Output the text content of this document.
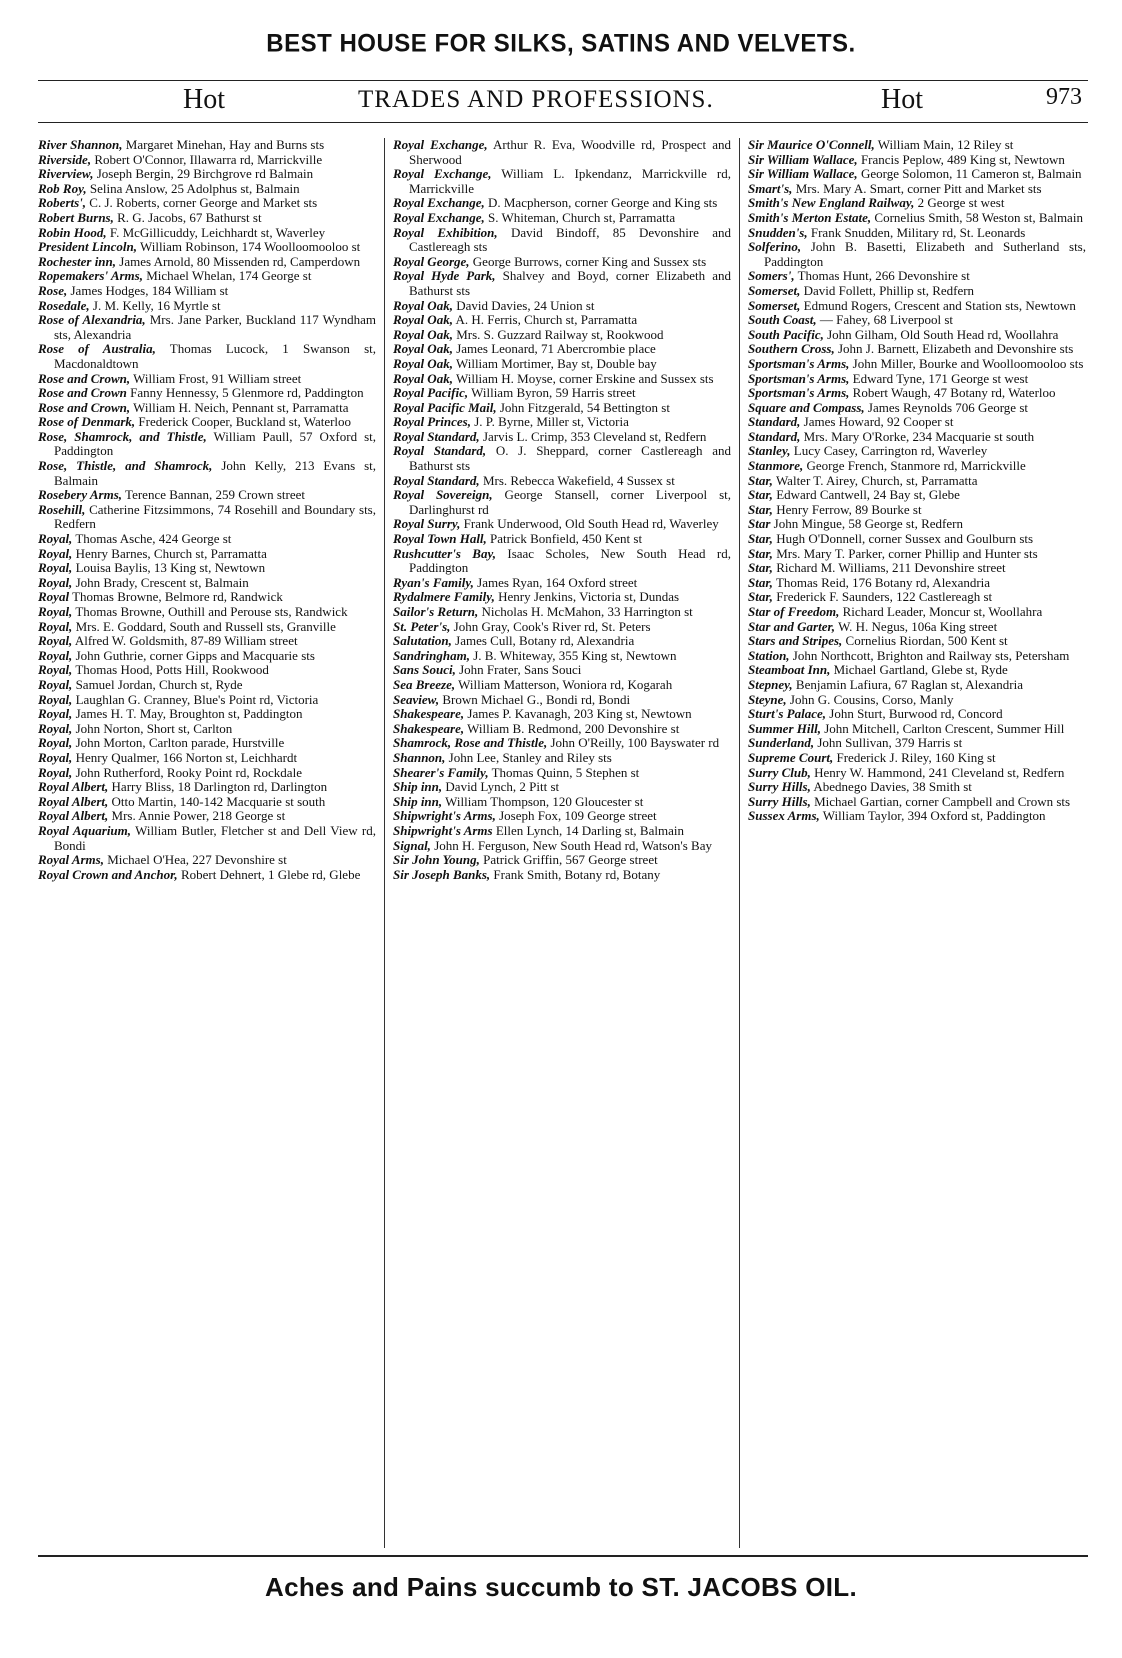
BEST HOUSE FOR SILKS, SATINS AND VELVETS.
Hot	TRADES AND PROFESSIONS.	Hot	973

River Shannon, Margaret Minehan, Hay and Burns sts

Riverside, Robert O'Connor, Illawarra rd, Marrickville

Riverview, Joseph Bergin, 29 Birchgrove rd Balmain

Rob Roy, Selina Anslow, 25 Adolphus st, Balmain

Roberts', C. J. Roberts, corner George and Market sts

Robert Burns, R. G. Jacobs, 67 Bathurst st

Robin Hood, F. McGillicuddy, Leichhardt st, Waverley

President Lincoln, William Robinson, 174 Woolloomooloo st

Rochester inn, James Arnold, 80 Missenden rd, Camperdown

Ropemakers' Arms, Michael Whelan, 174 George st

Rose, James Hodges, 184 William st

Rosedale, J. M. Kelly, 16 Myrtle st

Rose of Alexandria, Mrs. Jane Parker, Buckland 117 Wyndham sts, Alexandria

Rose of Australia, Thomas Lucock, 1 Swanson st, Macdonaldtown

Rose and Crown, William Frost, 91 William street

Rose and Crown Fanny Hennessy, 5 Glenmore rd, Paddington

Rose and Crown, William H. Neich, Pennant st, Parramatta

Rose of Denmark, Frederick Cooper, Buckland st, Waterloo

Rose, Shamrock, and Thistle, William Paull, 57 Oxford st, Paddington

Rose, Thistle, and Shamrock, John Kelly, 213 Evans st, Balmain

Rosebery Arms, Terence Bannan, 259 Crown street

Rosehill, Catherine Fitzsimmons, 74 Rosehill and Boundary sts, Redfern

Royal, Thomas Asche, 424 George st

Royal, Henry Barnes, Church st, Parramatta

Royal, Louisa Baylis, 13 King st, Newtown

Royal, John Brady, Crescent st, Balmain

Royal Thomas Browne, Belmore rd, Randwick

Royal, Thomas Browne, Outhill and Perouse sts, Randwick

Royal, Mrs. E. Goddard, South and Russell sts, Granville

Royal, Alfred W. Goldsmith, 87-89 William street

Royal, John Guthrie, corner Gipps and Macquarie sts

Royal, Thomas Hood, Potts Hill, Rookwood

Royal, Samuel Jordan, Church st, Ryde

Royal, Laughlan G. Cranney, Blue's Point rd, Victoria

Royal, James H. T. May, Broughton st, Paddington

Royal, John Norton, Short st, Carlton

Royal, John Morton, Carlton parade, Hurstville

Royal, Henry Qualmer, 166 Norton st, Leichhardt

Royal, John Rutherford, Rooky Point rd, Rockdale

Royal Albert, Harry Bliss, 18 Darlington rd, Darlington

Royal Albert, Otto Martin, 140-142 Macquarie st south

Royal Albert, Mrs. Annie Power, 218 George st

Royal Aquarium, William Butler, Fletcher st and Dell View rd, Bondi

Royal Arms, Michael O'Hea, 227 Devonshire st

Royal Crown and Anchor, Robert Dehnert, 1 Glebe rd, Glebe

Royal Exchange, Arthur R. Eva, Woodville rd, Prospect and Sherwood

Royal Exchange, William L. Ipkendanz, Marrickville rd, Marrickville

Royal Exchange, D. Macpherson, corner George and King sts

Royal Exchange, S. Whiteman, Church st, Parramatta

Royal Exhibition, David Bindoff, 85 Devonshire and Castlereagh sts

Royal George, George Burrows, corner King and Sussex sts

Royal Hyde Park, Shalvey and Boyd, corner Elizabeth and Bathurst sts

Royal Oak, David Davies, 24 Union st

Royal Oak, A. H. Ferris, Church st, Parramatta

Royal Oak, Mrs. S. Guzzard Railway st, Rookwood

Royal Oak, James Leonard, 71 Abercrombie place

Royal Oak, William Mortimer, Bay st, Double bay

Royal Oak, William H. Moyse, corner Erskine and Sussex sts

Royal Pacific, William Byron, 59 Harris street

Royal Pacific Mail, John Fitzgerald, 54 Bettington st

Royal Princes, J. P. Byrne, Miller st, Victoria

Royal Standard, Jarvis L. Crimp, 353 Cleveland st, Redfern

Royal Standard, O. J. Sheppard, corner Castlereagh and Bathurst sts

Royal Standard, Mrs. Rebecca Wakefield, 4 Sussex st

Royal Sovereign, George Stansell, corner Liverpool st, Darlinghurst rd

Royal Surry, Frank Underwood, Old South Head rd, Waverley

Royal Town Hall, Patrick Bonfield, 450 Kent st

Rushcutter's Bay, Isaac Scholes, New South Head rd, Paddington

Ryan's Family, James Ryan, 164 Oxford street

Rydalmere Family, Henry Jenkins, Victoria st, Dundas

Sailor's Return, Nicholas H. McMahon, 33 Harrington st

St. Peter's, John Gray, Cook's River rd, St. Peters

Salutation, James Cull, Botany rd, Alexandria

Sandringham, J. B. Whiteway, 355 King st, Newtown

Sans Souci, John Frater, Sans Souci

Sea Breeze, William Matterson, Woniora rd, Kogarah

Seaview, Brown Michael G., Bondi rd, Bondi

Shakespeare, James P. Kavanagh, 203 King st, Newtown

Shakespeare, William B. Redmond, 200 Devonshire st

Shamrock, Rose and Thistle, John O'Reilly, 100 Bayswater rd

Shannon, John Lee, Stanley and Riley sts

Shearer's Family, Thomas Quinn, 5 Stephen st

Ship inn, David Lynch, 2 Pitt st

Ship inn, William Thompson, 120 Gloucester st

Shipwright's Arms, Joseph Fox, 109 George street

Shipwright's Arms Ellen Lynch, 14 Darling st, Balmain

Signal, John H. Ferguson, New South Head rd, Watson's Bay

Sir John Young, Patrick Griffin, 567 George street

Sir Joseph Banks, Frank Smith, Botany rd, Botany

Sir Maurice O'Connell, William Main, 12 Riley st

Sir William Wallace, Francis Peplow, 489 King st, Newtown

Sir William Wallace, George Solomon, 11 Cameron st, Balmain

Smart's, Mrs. Mary A. Smart, corner Pitt and Market sts

Smith's New England Railway, 2 George st west

Smith's Merton Estate, Cornelius Smith, 58 Weston st, Balmain

Snudden's, Frank Snudden, Military rd, St. Leonards

Solferino, John B. Basetti, Elizabeth and Sutherland sts, Paddington

Somers', Thomas Hunt, 266 Devonshire st

Somerset, David Follett, Phillip st, Redfern

Somerset, Edmund Rogers, Crescent and Station sts, Newtown

South Coast, — Fahey, 68 Liverpool st

South Pacific, John Gilham, Old South Head rd, Woollahra

Southern Cross, John J. Barnett, Elizabeth and Devonshire sts

Sportsman's Arms, John Miller, Bourke and Woolloomooloo sts

Sportsman's Arms, Edward Tyne, 171 George st west

Sportsman's Arms, Robert Waugh, 47 Botany rd, Waterloo

Square and Compass, James Reynolds 706 George st

Standard, James Howard, 92 Cooper st

Standard, Mrs. Mary O'Rorke, 234 Macquarie st south

Stanley, Lucy Casey, Carrington rd, Waverley

Stanmore, George French, Stanmore rd, Marrickville

Star, Walter T. Airey, Church, st, Parramatta

Star, Edward Cantwell, 24 Bay st, Glebe

Star, Henry Ferrow, 89 Bourke st

Star John Mingue, 58 George st, Redfern

Star, Hugh O'Donnell, corner Sussex and Goulburn sts

Star, Mrs. Mary T. Parker, corner Phillip and Hunter sts

Star, Richard M. Williams, 211 Devonshire street

Star, Thomas Reid, 176 Botany rd, Alexandria

Star, Frederick F. Saunders, 122 Castlereagh st

Star of Freedom, Richard Leader, Moncur st, Woollahra

Star and Garter, W. H. Negus, 106a King street

Stars and Stripes, Cornelius Riordan, 500 Kent st

Station, John Northcott, Brighton and Railway sts, Petersham

Steamboat Inn, Michael Gartland, Glebe st, Ryde

Stepney, Benjamin Lafiura, 67 Raglan st, Alexandria

Steyne, John G. Cousins, Corso, Manly

Sturt's Palace, John Sturt, Burwood rd, Concord

Summer Hill, John Mitchell, Carlton Crescent, Summer Hill

Sunderland, John Sullivan, 379 Harris st

Supreme Court, Frederick J. Riley, 160 King st

Surry Club, Henry W. Hammond, 241 Cleveland st, Redfern

Surry Hills, Abednego Davies, 38 Smith st

Surry Hills, Michael Gartian, corner Campbell and Crown sts

Sussex Arms, William Taylor, 394 Oxford st, Paddington

Aches and Pains succumb to ST. JACOBS OIL.
